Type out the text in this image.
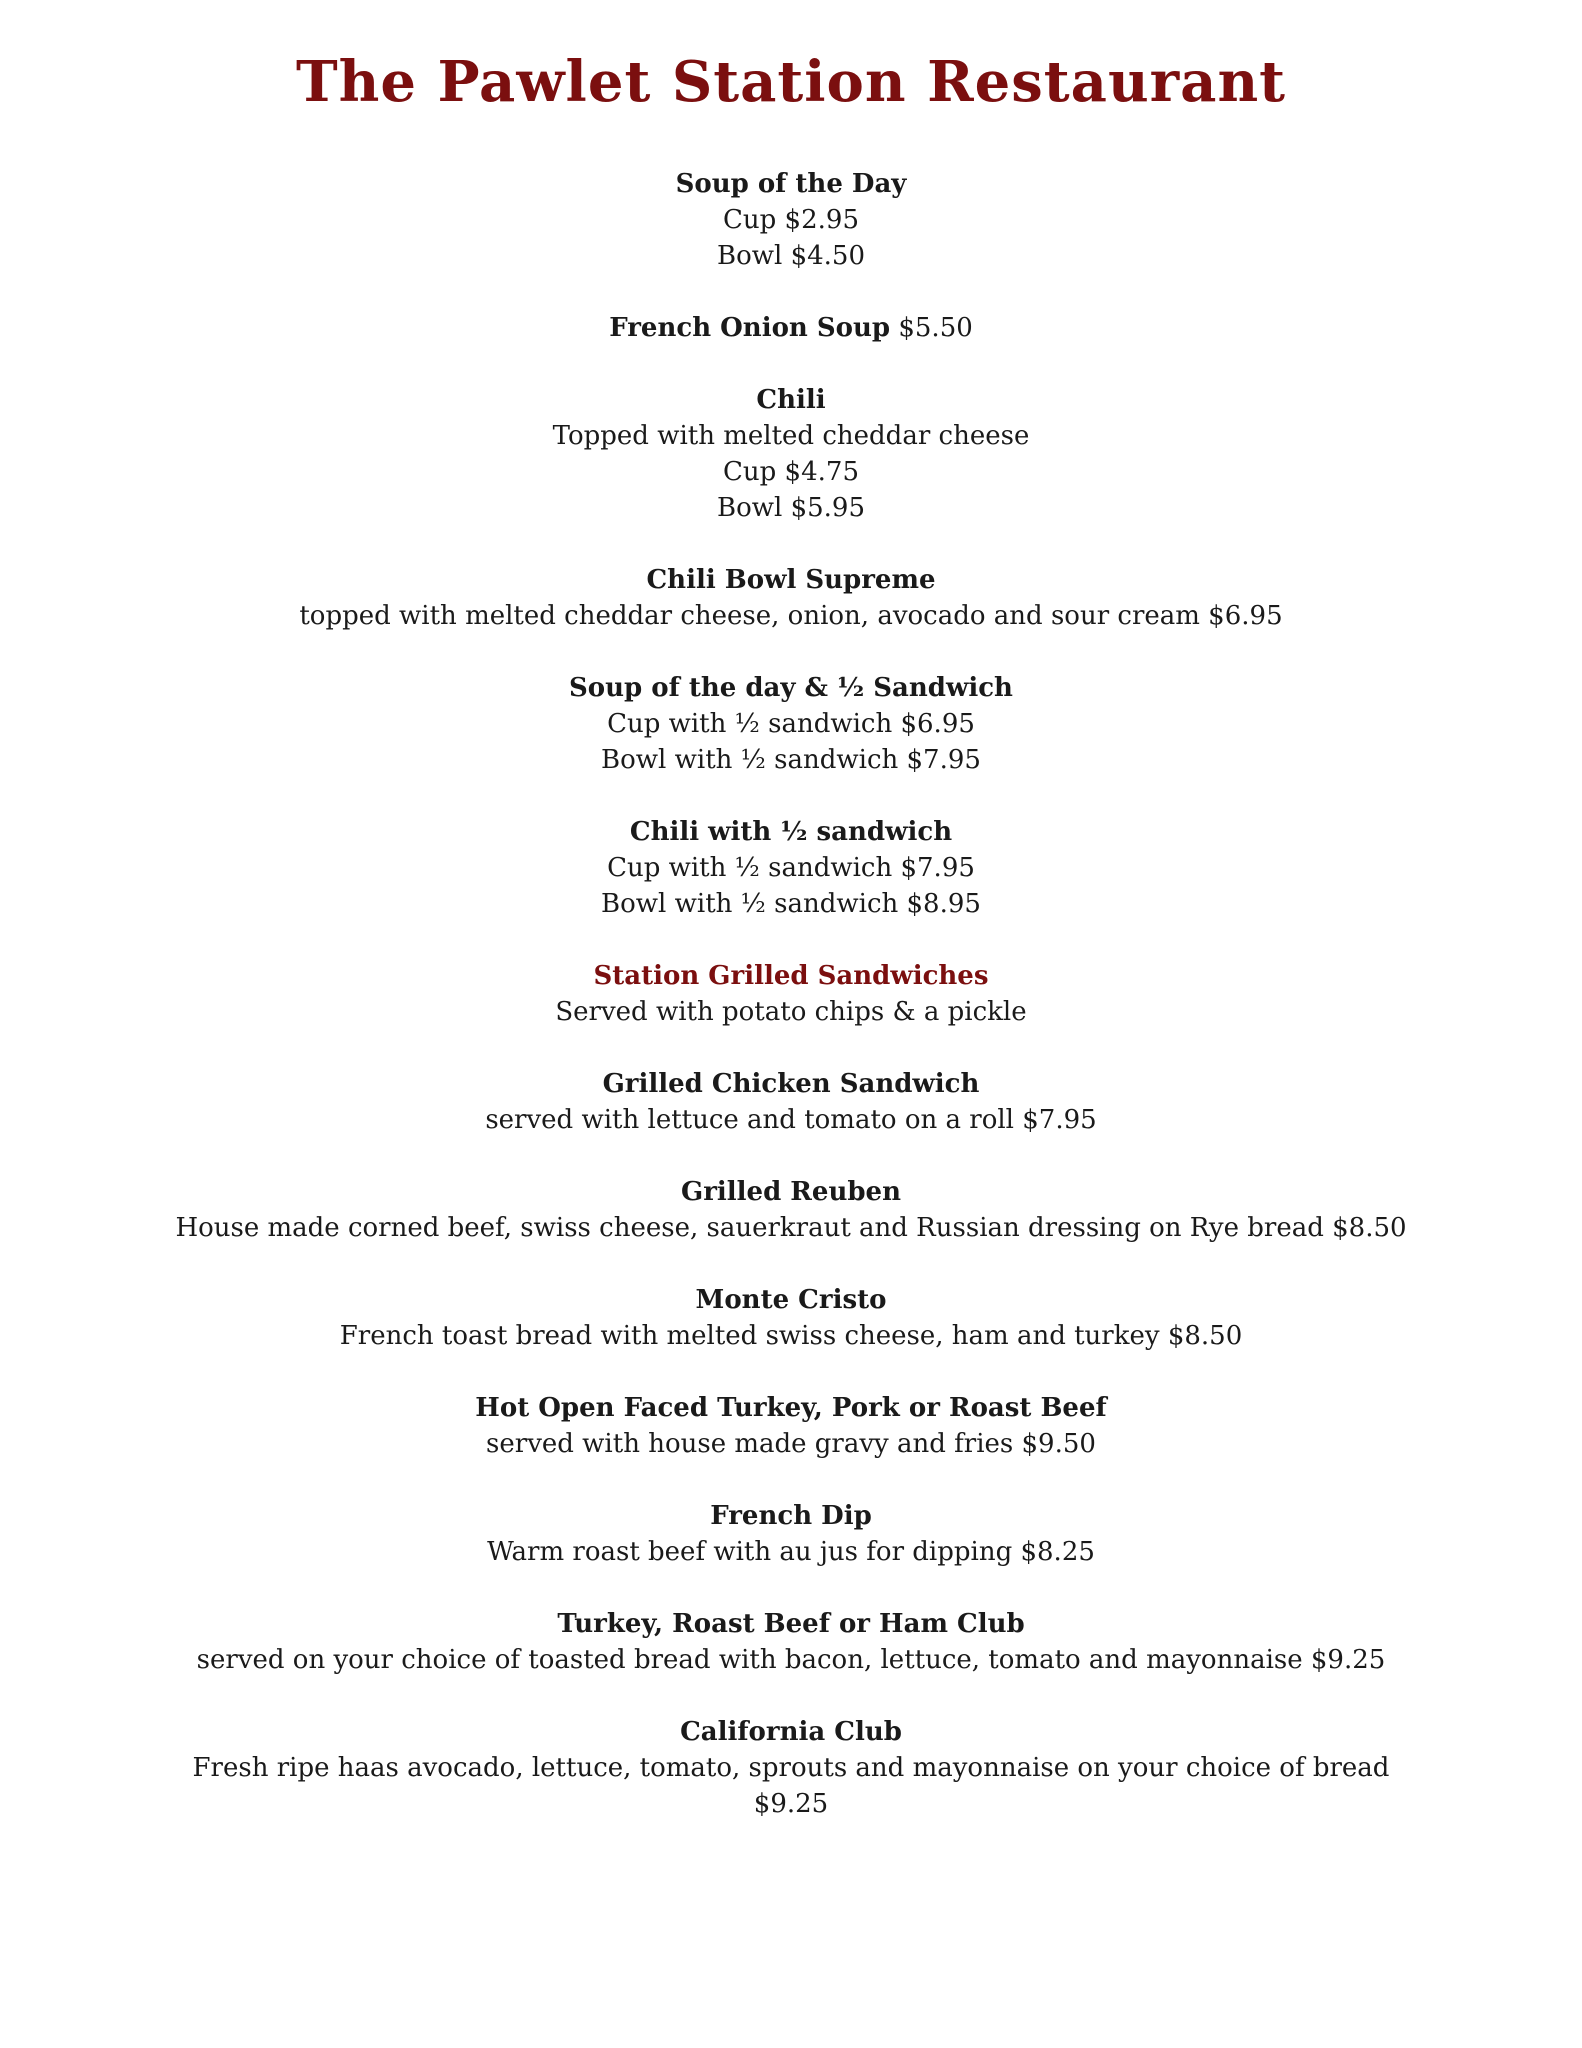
The Pawlet Station Restaurant
Soup of the Day
Cup $2.95
Bowl $4.50
French Onion Soup $5.50
Chili
Topped with melted cheddar cheese
Cup $4.75
Bowl $5.95
Chili Bowl Supreme
topped with melted cheddar cheese, onion, avocado and sour cream $6.95
Soup of the day & ½ Sandwich
Cup with ½ sandwich $6.95
Bowl with ½ sandwich $7.95
Chili with ½ sandwich
Cup with ½ sandwich $7.95
Bowl with ½ sandwich $8.95
Station Grilled Sandwiches
Served with potato chips & a pickle
Grilled Chicken Sandwich
served with lettuce and tomato on a roll $7.95
Grilled Reuben
House made corned beef, swiss cheese, sauerkraut and Russian dressing on Rye bread $8.50
Monte Cristo
French toast bread with melted swiss cheese, ham and turkey $8.50
Hot Open Faced Turkey, Pork or Roast Beef
served with house made gravy and fries $9.50
French Dip
Warm roast beef with au jus for dipping $8.25
Turkey, Roast Beef or Ham Club
served on your choice of toasted bread with bacon, lettuce, tomato and mayonnaise $9.25
California Club
Fresh ripe haas avocado, lettuce, tomato, sprouts and mayonnaise on your choice of bread
$9.25
